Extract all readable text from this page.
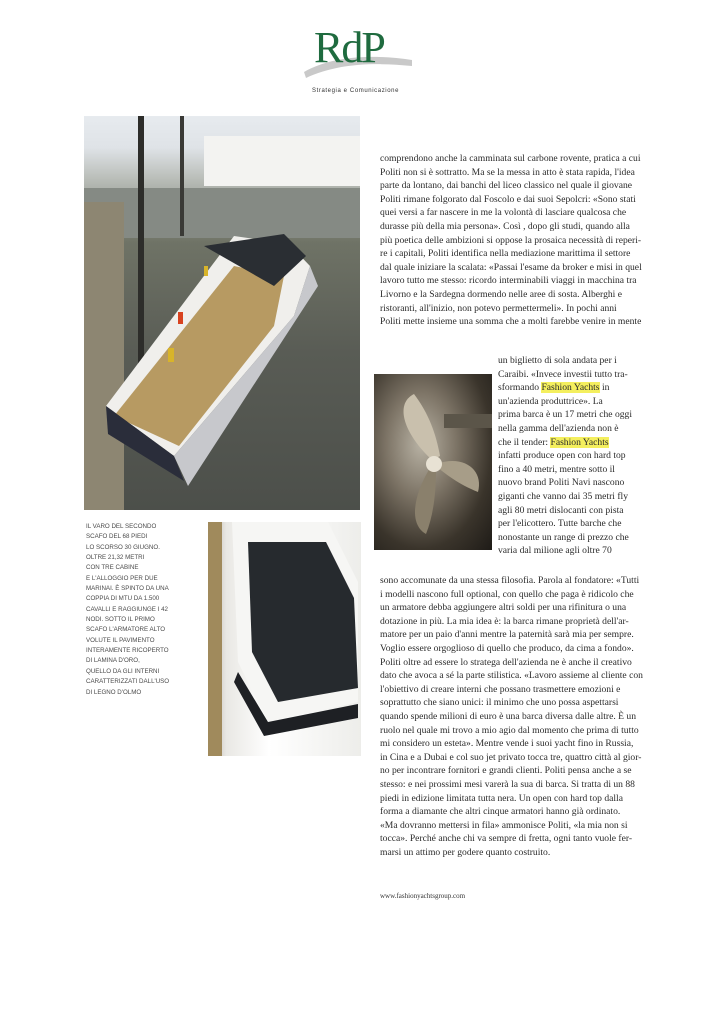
RdP
Strategia e Comunicazione
IL VARO DEL SECONDO
SCAFO DEL 68 PIEDI
LO SCORSO 30 GIUGNO.
OLTRE 21,32 METRI
CON TRE CABINE
E L'ALLOGGIO PER DUE
MARINAI. È SPINTO DA UNA
COPPIA DI MTU DA 1.500
CAVALLI E RAGGIUNGE I 42
NODI. SOTTO IL PRIMO
SCAFO L'ARMATORE ALTO
VOLUTE IL PAVIMENTO
INTERAMENTE RICOPERTO
DI LAMINA D'ORO,
QUELLO DA GLI INTERNI
CARATTERIZZATI DALL'USO
DI LEGNO D'OLMO
comprendono anche la camminata sul carbone rovente, pratica a cui
Politi non si è sottratto. Ma se la messa in atto è stata rapida, l'idea
parte da lontano, dai banchi del liceo classico nel quale il giovane
Politi rimane folgorato dal Foscolo e dai suoi Sepolcri: «Sono stati
quei versi a far nascere in me la volontà di lasciare qualcosa che
durasse più della mia persona». Così , dopo gli studi, quando alla
più poetica delle ambizioni si oppose la prosaica necessità di reperi-
re i capitali, Politi identifica nella mediazione marittima il settore
dal quale iniziare la scalata: «Passai l'esame da broker e misi in quel
lavoro tutto me stesso: ricordo interminabili viaggi in macchina tra
Livorno e la Sardegna dormendo nelle aree di sosta. Alberghi e
ristoranti, all'inizio, non potevo permettermeli». In pochi anni
Politi mette insieme una somma che a molti farebbe venire in mente
un biglietto di sola andata per i
Caraibi. «Invece investii tutto tra-
sformando Fashion Yachts in
un'azienda produttrice». La
prima barca è un 17 metri che oggi
nella gamma dell'azienda non è
che il tender: Fashion Yachts
infatti produce open con hard top
fino a 40 metri, mentre sotto il
nuovo brand Politi Navi nascono
giganti che vanno dai 35 metri fly
agli 80 metri dislocanti con pista
per l'elicottero. Tutte barche che
nonostante un range di prezzo che
varia dal milione agli oltre 70
sono accomunate da una stessa filosofia. Parola al fondatore: «Tutti
i modelli nascono full optional, con quello che paga è ridicolo che
un armatore debba aggiungere altri soldi per una rifinitura o una
dotazione in più. La mia idea è: la barca rimane proprietà dell'ar-
matore per un paio d'anni mentre la paternità sarà mia per sempre.
Voglio essere orgoglioso di quello che produco, da cima a fondo».
Politi oltre ad essere lo stratega dell'azienda ne è anche il creativo
dato che avoca a sé la parte stilistica. «Lavoro assieme al cliente con
l'obiettivo di creare interni che possano trasmettere emozioni e
soprattutto che siano unici: il minimo che uno possa aspettarsi
quando spende milioni di euro è una barca diversa dalle altre. È un
ruolo nel quale mi trovo a mio agio dal momento che prima di tutto
mi considero un esteta». Mentre vende i suoi yacht fino in Russia,
in Cina e a Dubai e col suo jet privato tocca tre, quattro città al gior-
no per incontrare fornitori e grandi clienti. Politi pensa anche a se
stesso: e nei prossimi mesi varerà la sua di barca. Si tratta di un 88
piedi in edizione limitata tutta nera. Un open con hard top dalla
forma a diamante che altri cinque armatori hanno già ordinato.
«Ma dovranno mettersi in fila» ammonisce Politi, «la mia non si
tocca». Perché anche chi va sempre di fretta, ogni tanto vuole fer-
marsi un attimo per godere quanto costruito.
www.fashionyachtsgroup.com
